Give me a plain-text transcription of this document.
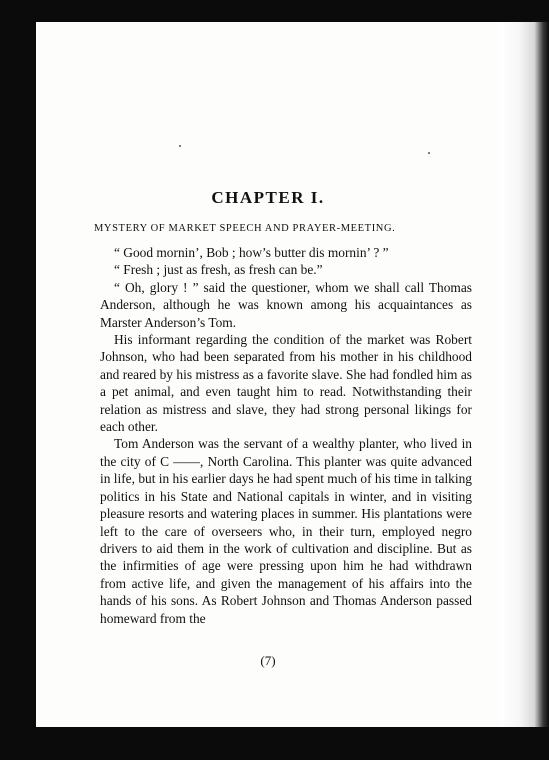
CHAPTER I.
MYSTERY OF MARKET SPEECH AND PRAYER-MEETING.

“ Good mornin’, Bob ; how’s butter dis mornin’ ? ”

“ Fresh ; just as fresh, as fresh can be.”

“ Oh, glory ! ” said the questioner, whom we shall call Thomas Anderson, although he was known among his acquaintances as Marster Anderson’s Tom.

His informant regarding the condition of the market was Robert Johnson, who had been separated from his mother in his childhood and reared by his mistress as a favorite slave. She had fondled him as a pet animal, and even taught him to read. Notwithstanding their relation as mistress and slave, they had strong personal likings for each other.

Tom Anderson was the servant of a wealthy planter, who lived in the city of C ——, North Carolina. This planter was quite advanced in life, but in his earlier days he had spent much of his time in talking politics in his State and National capitals in winter, and in visiting pleasure resorts and watering places in summer. His plantations were left to the care of overseers who, in their turn, employed negro drivers to aid them in the work of cultivation and discipline. But as the infirmities of age were pressing upon him he had withdrawn from active life, and given the management of his affairs into the hands of his sons. As Robert Johnson and Thomas Anderson passed homeward from the

(7)
